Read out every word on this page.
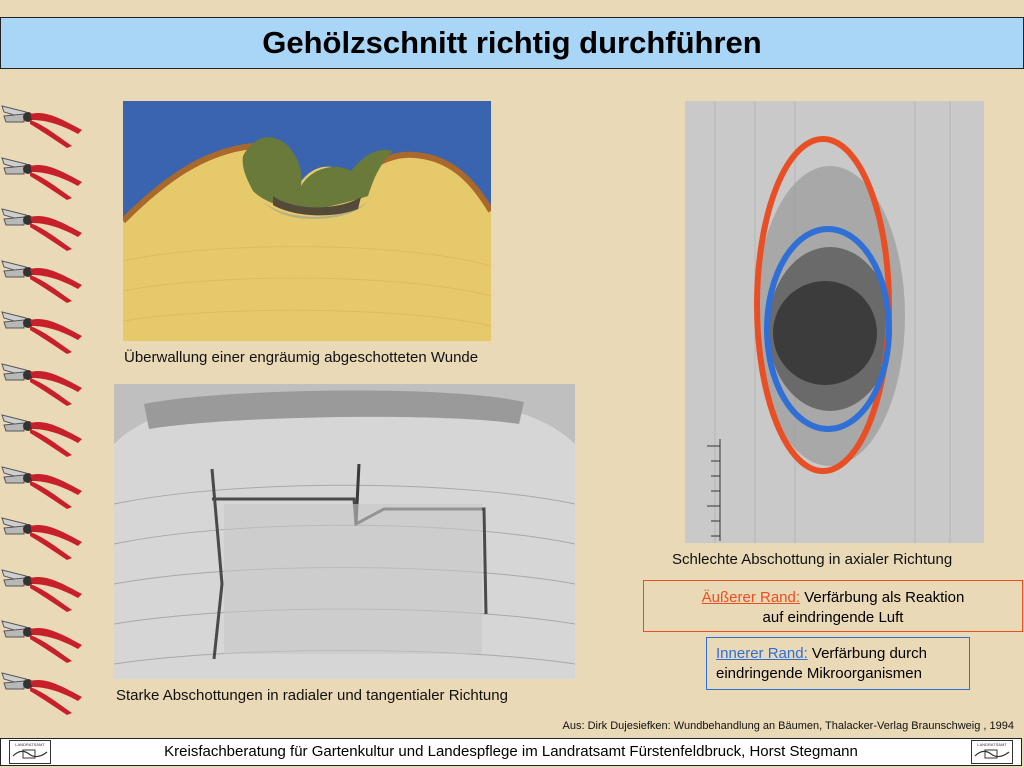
Gehölzschnitt richtig durchführen
Überwallung einer engräumig abgeschotteten Wunde
Starke Abschottungen in radialer und tangentialer Richtung
Schlechte Abschottung in axialer Richtung
Äußerer Rand: Verfärbung als Reaktion
auf eindringende Luft
Innerer Rand: Verfärbung durch
eindringende Mikroorganismen
Aus: Dirk Dujesiefken: Wundbehandlung an Bäumen, Thalacker-Verlag Braunschweig , 1994
LANDRATSAMT	Kreisfachberatung für Gartenkultur und Landespflege im Landratsamt Fürstenfeldbruck, Horst Stegmann	LANDRATSAMT
